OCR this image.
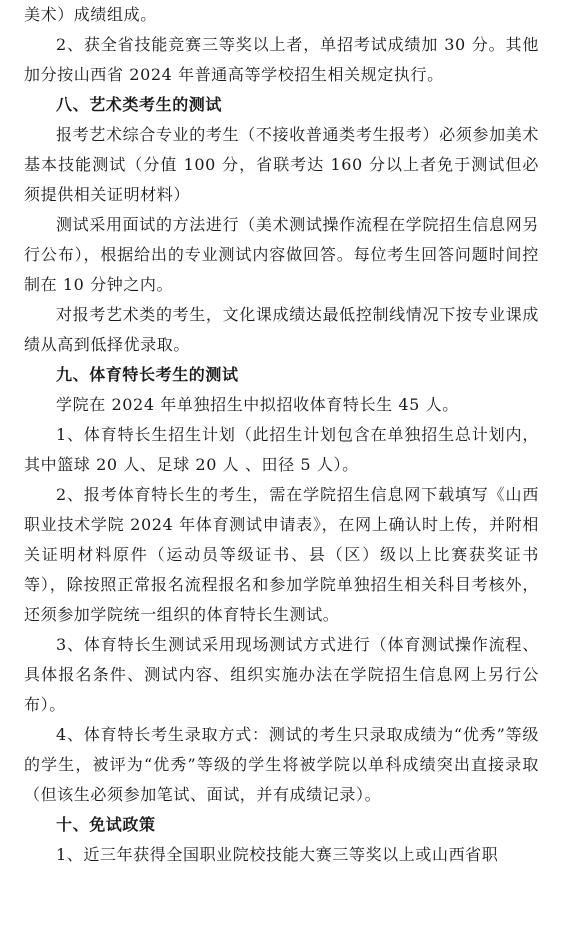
美术）成绩组成。

2、获全省技能竞赛三等奖以上者，单招考试成绩加 30 分。其他加分按山西省 2024 年普通高等学校招生相关规定执行。

八、艺术类考生的测试

报考艺术综合专业的考生（不接收普通类考生报考）必须参加美术基本技能测试（分值 100 分，省联考达 160 分以上者免于测试但必须提供相关证明材料）

测试采用面试的方法进行（美术测试操作流程在学院招生信息网另行公布），根据给出的专业测试内容做回答。每位考生回答问题时间控制在 10 分钟之内。

对报考艺术类的考生，文化课成绩达最低控制线情况下按专业课成绩从高到低择优录取。

九、体育特长考生的测试

学院在 2024 年单独招生中拟招收体育特长生 45 人。

1、体育特长生招生计划（此招生计划包含在单独招生总计划内，其中篮球 20 人、足球 20 人 、田径 5 人）。

2、报考体育特长生的考生，需在学院招生信息网下载填写《山西职业技术学院 2024 年体育测试申请表》，在网上确认时上传，并附相关证明材料原件（运动员等级证书、县（区）级以上比赛获奖证书等），除按照正常报名流程报名和参加学院单独招生相关科目考核外，还须参加学院统一组织的体育特长生测试。

3、体育特长生测试采用现场测试方式进行（体育测试操作流程、具体报名条件、测试内容、组织实施办法在学院招生信息网上另行公布）。

4、体育特长考生录取方式：测试的考生只录取成绩为“优秀”等级的学生，被评为“优秀”等级的学生将被学院以单科成绩突出直接录取（但该生必须参加笔试、面试，并有成绩记录）。

十、免试政策

1、近三年获得全国职业院校技能大赛三等奖以上或山西省职
